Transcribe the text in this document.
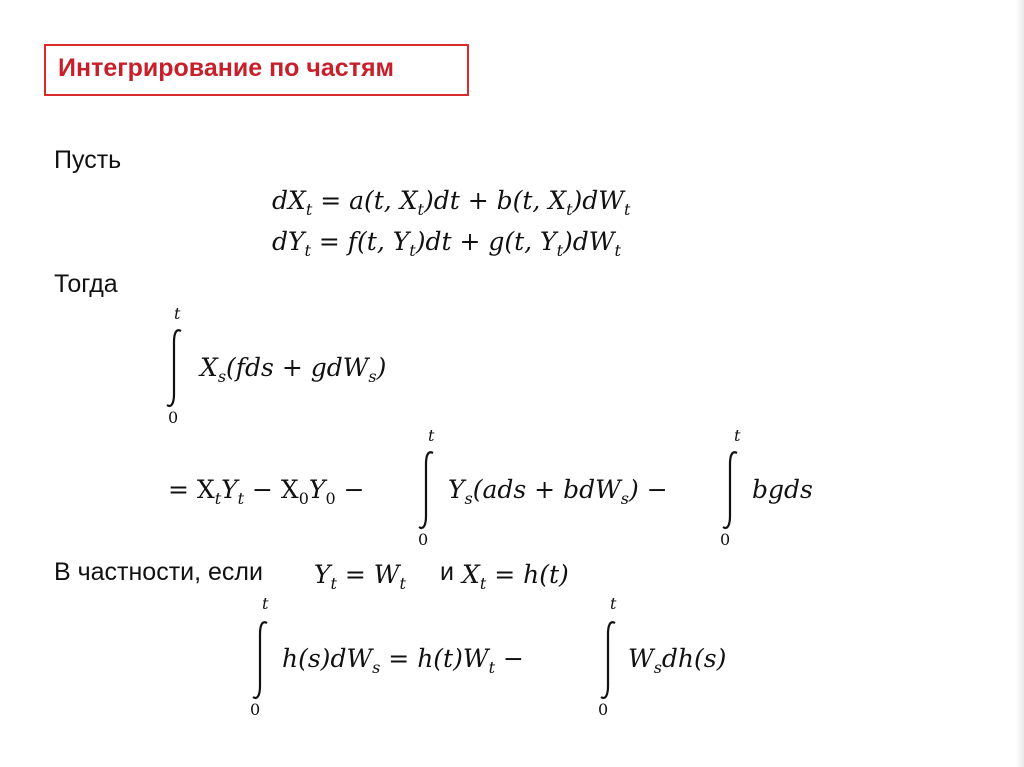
Интегрирование по частям
Пусть
$dX_t = a(t$, $X_t)dt + b(t$, $X_t)dW_t$
$dY_t = f(t$, $Y_t)dt + g(t$, $Y_t)dW_t$
Тогда
t
0
$X_s(fds + gdW_s)$
= $X_tY_t - X_0Y_0$ −
t
0
$Y_s(ads + bdW_s)$ −
t
0
bgds
В частности, если $Y_t = W_t$ и $X_t = h(t)$
t
0
$h(s)dW_s = h(t)W_t$ −
t
0
$W_sdh(s)$
